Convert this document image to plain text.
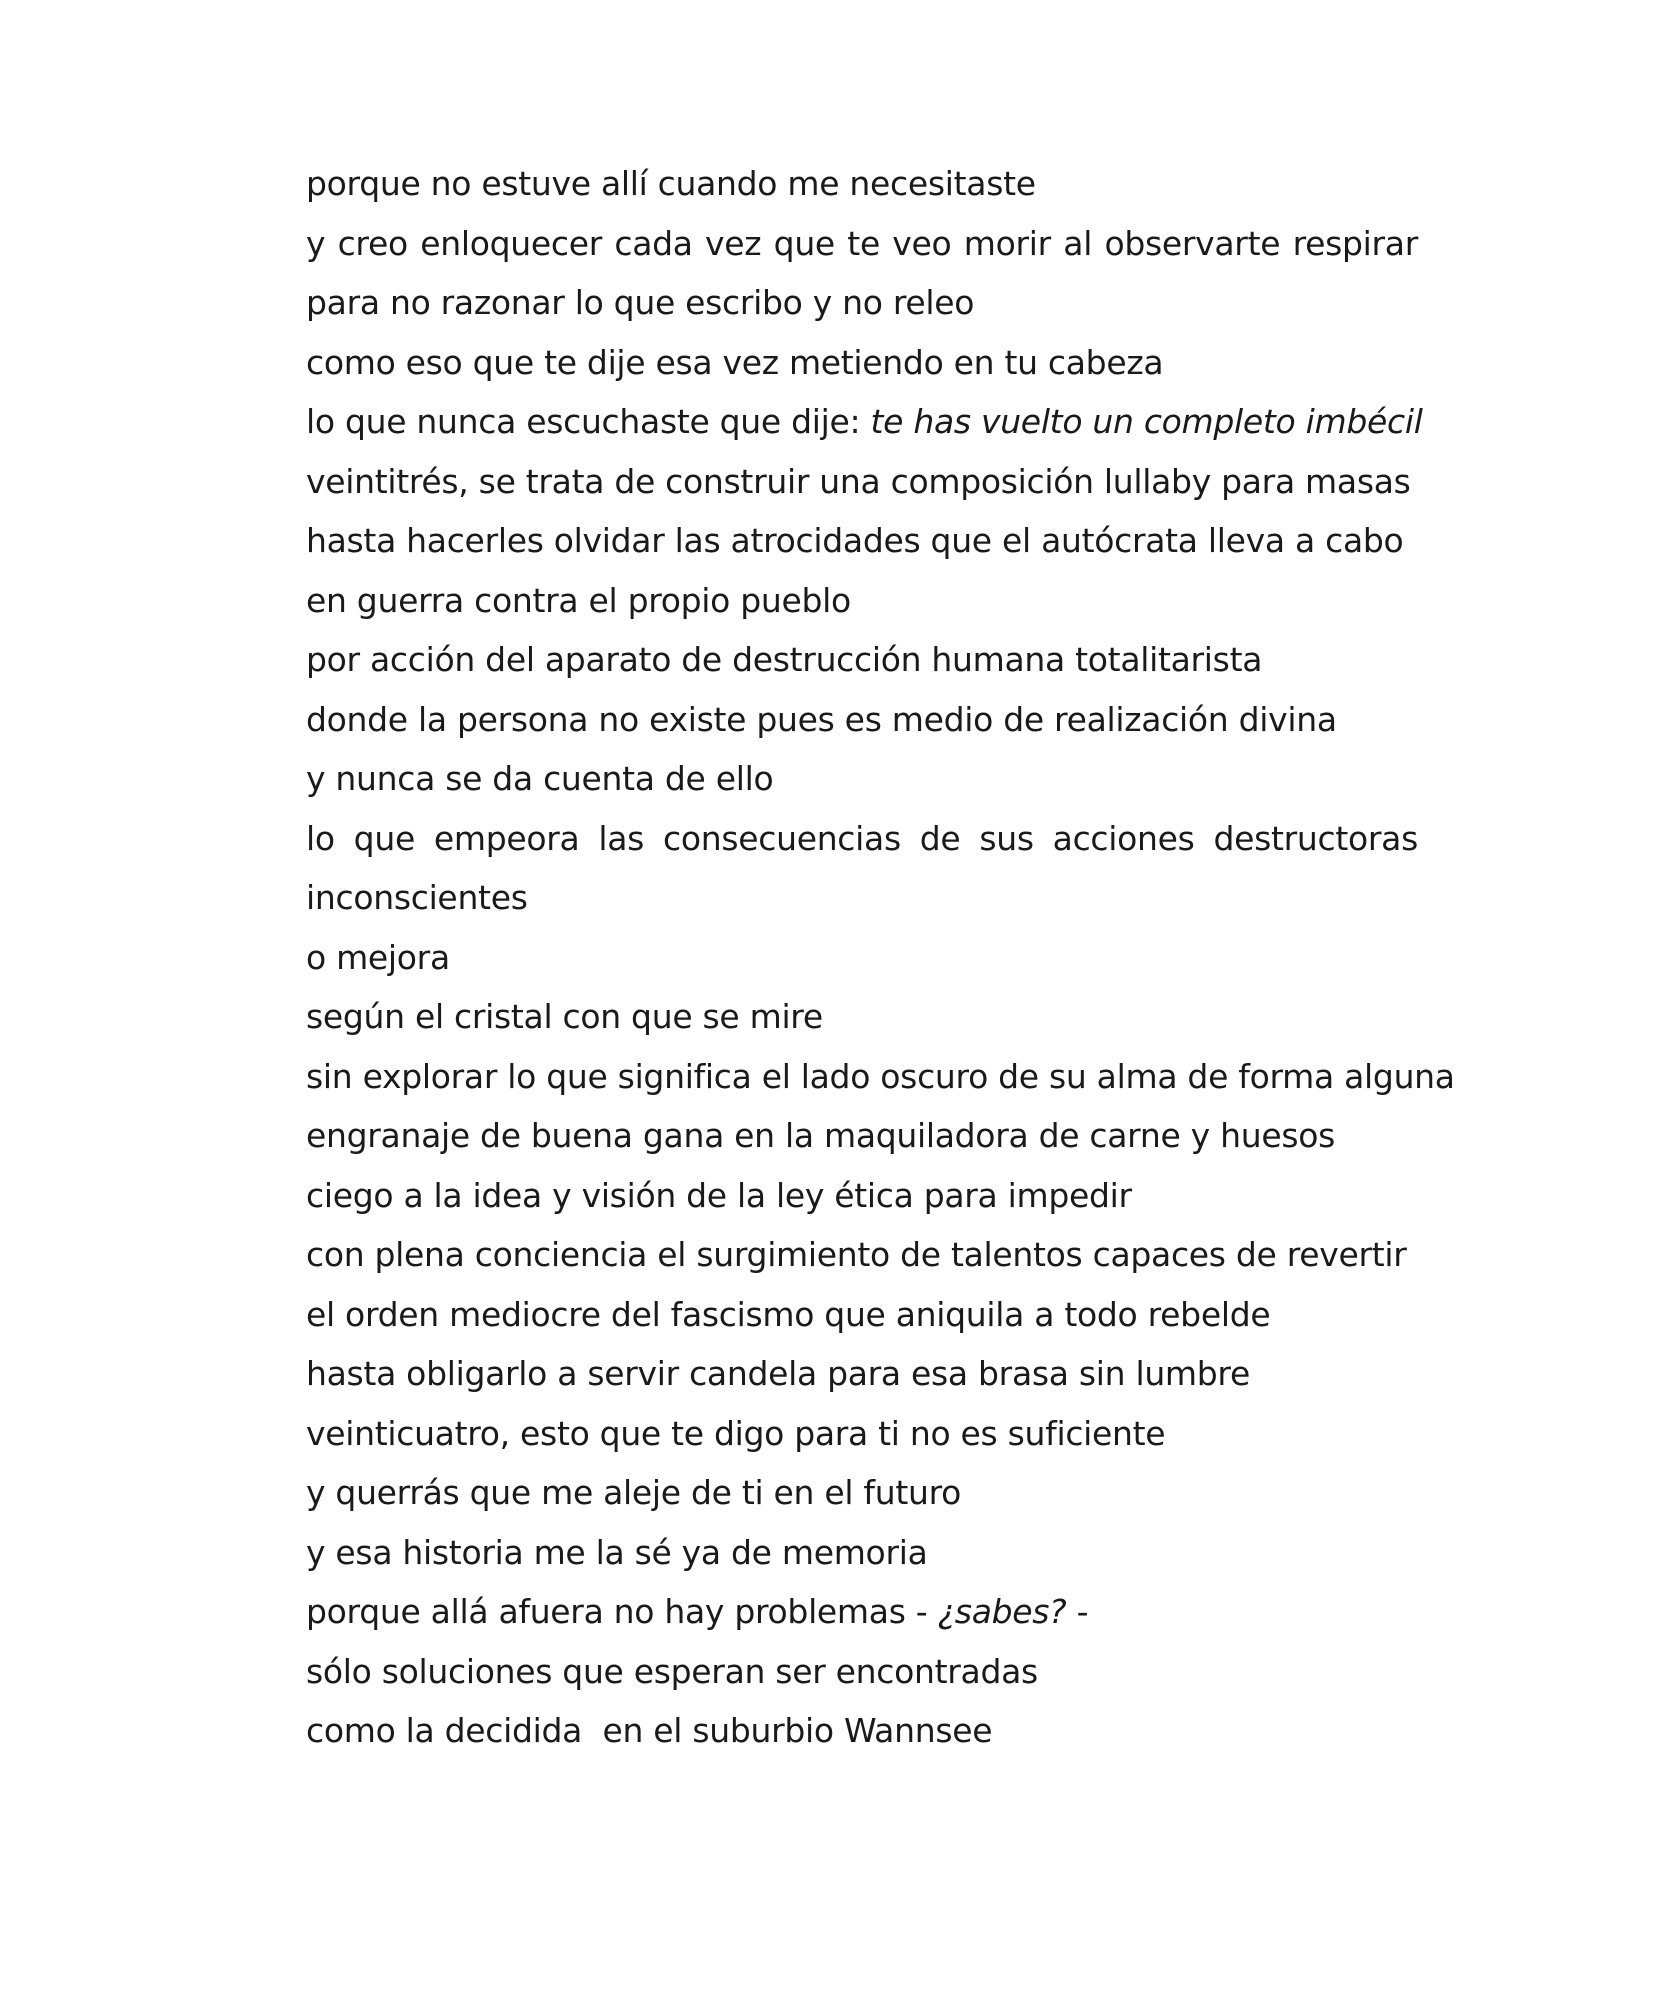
porque no estuve allí cuando me necesitaste
y creo enloquecer cada vez que te veo morir al observarte respirar
para no razonar lo que escribo y no releo
como eso que te dije esa vez metiendo en tu cabeza
lo que nunca escuchaste que dije: te has vuelto un completo imbécil
veintitrés, se trata de construir una composición lullaby para masas
hasta hacerles olvidar las atrocidades que el autócrata lleva a cabo
en guerra contra el propio pueblo
por acción del aparato de destrucción humana totalitarista
donde la persona no existe pues es medio de realización divina
y nunca se da cuenta de ello
lo que empeora las consecuencias de sus acciones destructoras
inconscientes
o mejora
según el cristal con que se mire
sin explorar lo que significa el lado oscuro de su alma de forma alguna
engranaje de buena gana en la maquiladora de carne y huesos
ciego a la idea y visión de la ley ética para impedir
con plena conciencia el surgimiento de talentos capaces de revertir
el orden mediocre del fascismo que aniquila a todo rebelde
hasta obligarlo a servir candela para esa brasa sin lumbre
veinticuatro, esto que te digo para ti no es suficiente
y querrás que me aleje de ti en el futuro
y esa historia me la sé ya de memoria
porque allá afuera no hay problemas - ¿sabes? -
sólo soluciones que esperan ser encontradas
como la decidida  en el suburbio Wannsee
